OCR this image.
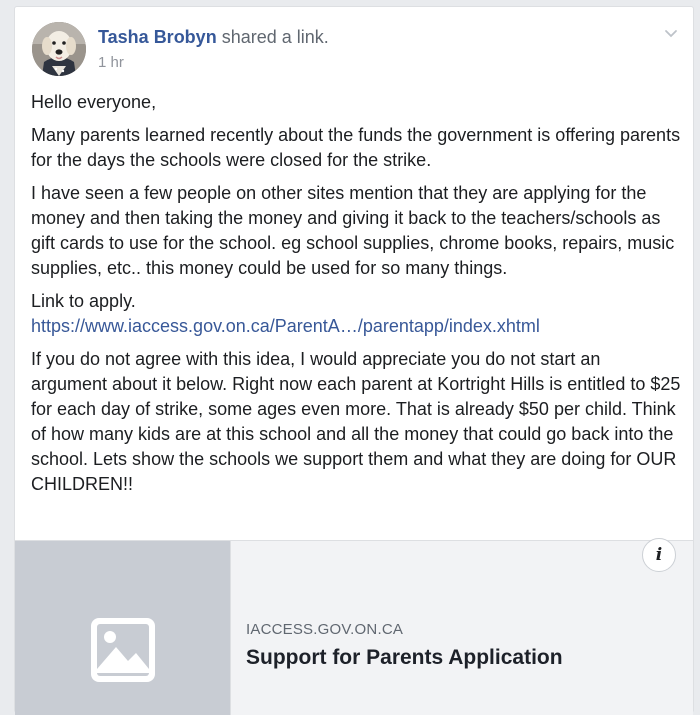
Tasha Brobyn shared a link.
1 hr

Hello everyone,

Many parents learned recently about the funds the government is offering parents for the days the schools were closed for the strike.

I have seen a few people on other sites mention that they are applying for the money and then taking the money and giving it back to the teachers/schools as gift cards to use for the school. eg school supplies, chrome books, repairs, music supplies, etc.. this money could be used for so many things.

Link to apply.
https://www.iaccess.gov.on.ca/ParentA…/parentapp/index.xhtml

If you do not agree with this idea, I would appreciate you do not start an argument about it below. Right now each parent at Kortright Hills is entitled to $25 for each day of strike, some ages even more. That is already $50 per child. Think of how many kids are at this school and all the money that could go back into the school. Lets show the schools we support them and what they are doing for OUR CHILDREN!!

IACCESS.GOV.ON.CA
Support for Parents Application
i
